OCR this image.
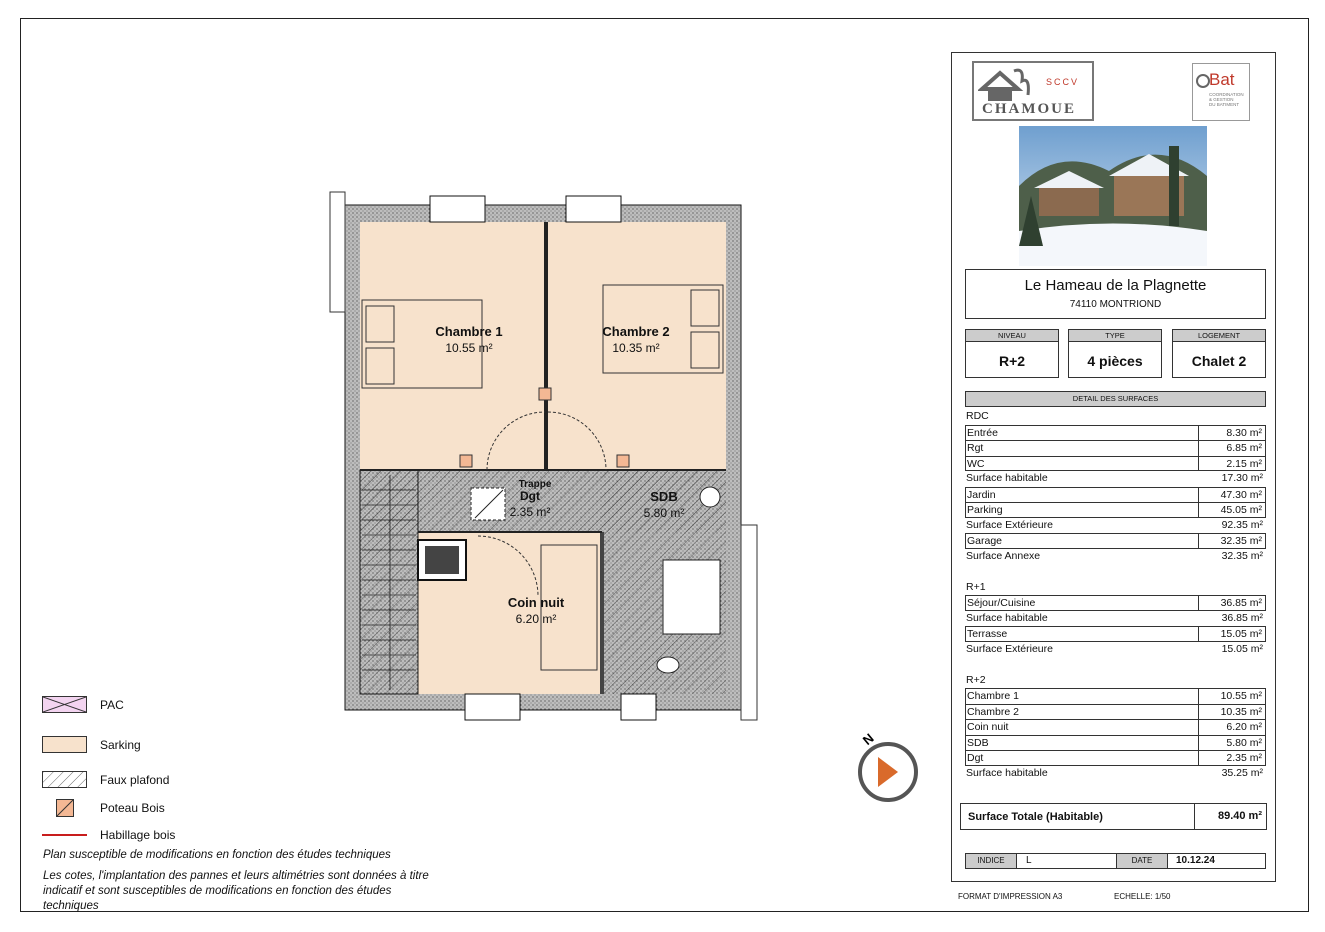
Chambre 1
10.55 m²
Chambre 2
10.35 m²
Trappe
Dgt
2.35 m²
SDB
5.80 m²
Coin nuit
6.20 m²
N
PAC
Sarking
Faux plafond
Poteau Bois
Habillage bois
Plan susceptible de modifications en fonction des études techniques
Les cotes, l'implantation des pannes et leurs altimétries sont données à titre indicatif et sont susceptibles de modifications en fonction des études techniques
SCCV
CHAMOUE
Bat
COORDINATION
& GESTION
DU BATIMENT
Le Hameau de la Plagnette
74110 MONTRIOND
NIVEAU
R+2
TYPE
4 pièces
LOGEMENT
Chalet 2
DETAIL DES SURFACES
RDC
Entrée	8.30 m²
Rgt	6.85 m²
WC	2.15 m²
Surface habitable	17.30 m²
Jardin	47.30 m²
Parking	45.05 m²
Surface Extérieure	92.35 m²
Garage	32.35 m²
Surface Annexe	32.35 m²
R+1
Séjour/Cuisine	36.85 m²
Surface habitable	36.85 m²
Terrasse	15.05 m²
Surface Extérieure	15.05 m²
R+2
Chambre 1	10.55 m²
Chambre 2	10.35 m²
Coin nuit	6.20 m²
SDB	5.80 m²
Dgt	2.35 m²
Surface habitable	35.25 m²
Surface Totale (Habitable)	89.40 m²
INDICE	L	DATE	10.12.24
FORMAT D'IMPRESSION A3	ECHELLE: 1/50
